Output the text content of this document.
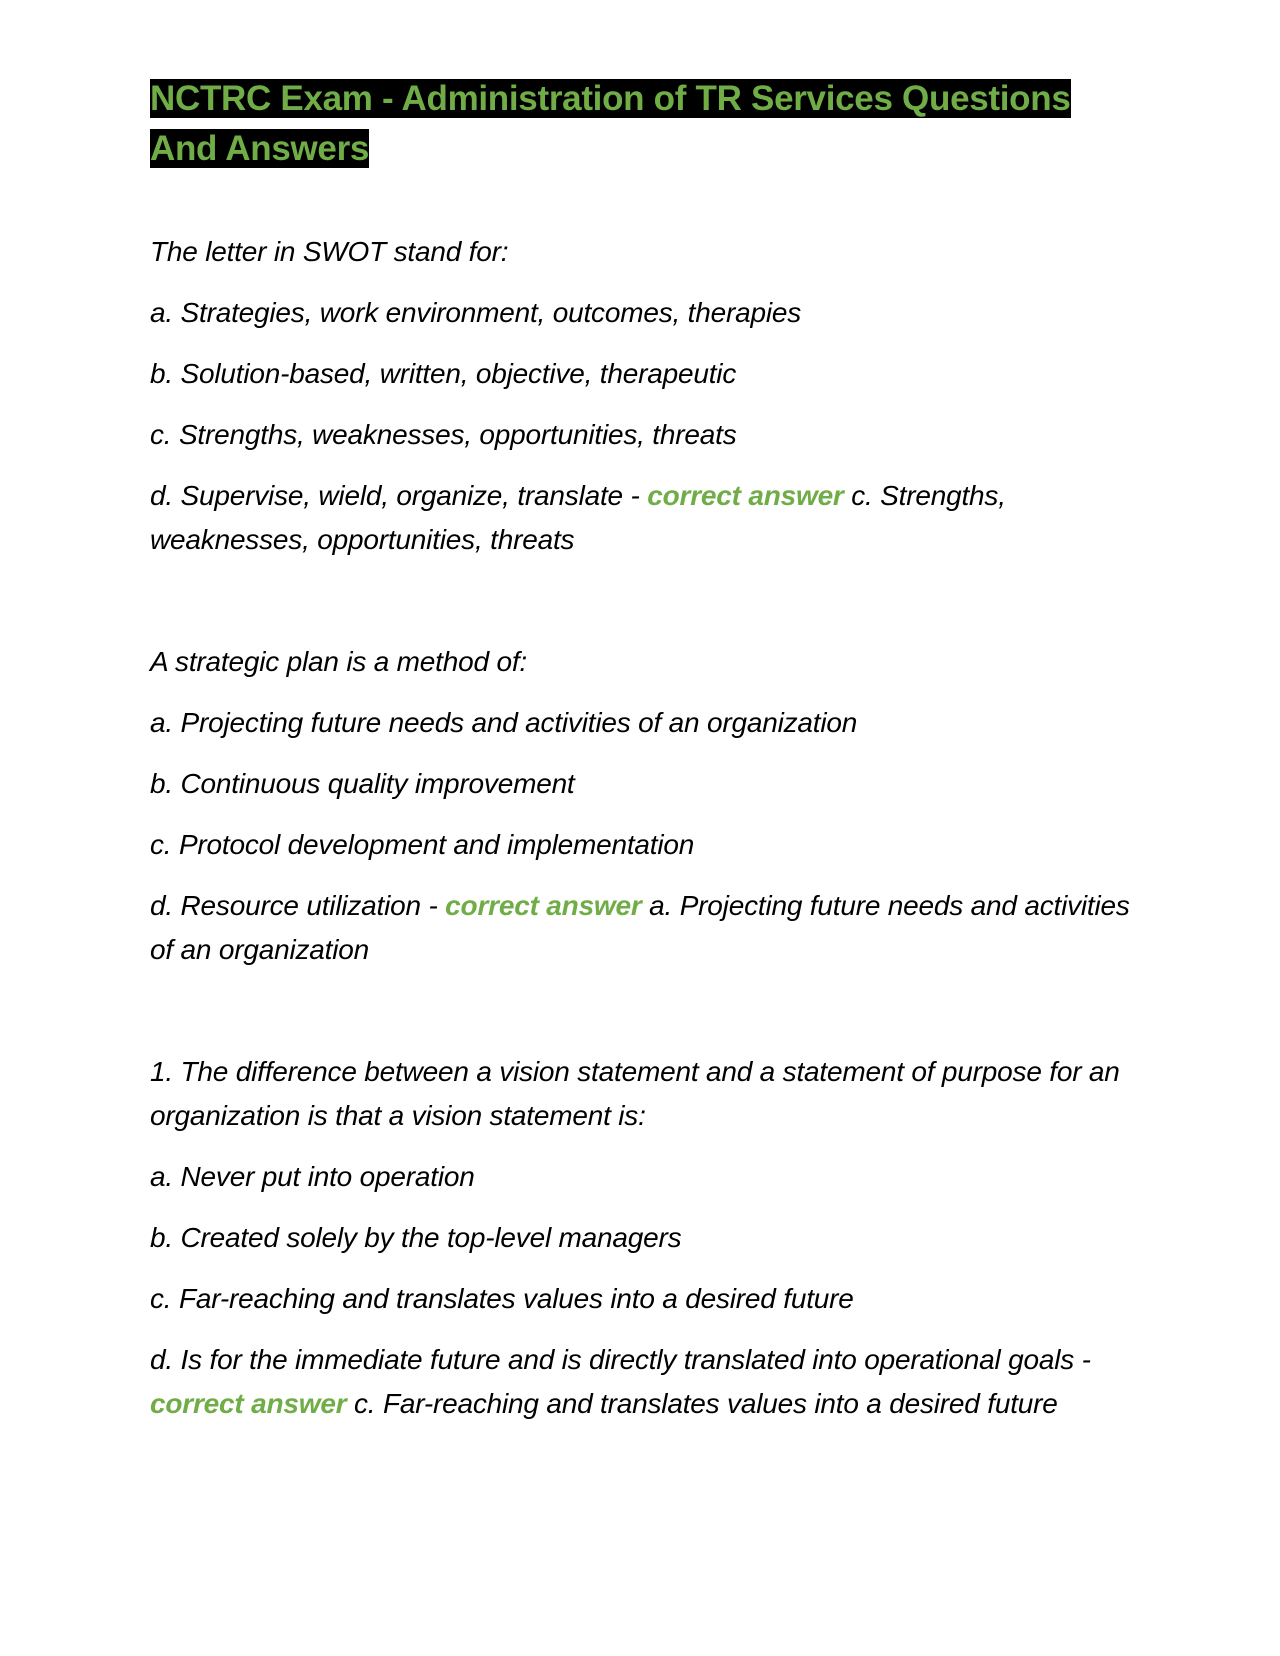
NCTRC Exam - Administration of TR Services Questions And Answers

The letter in SWOT stand for:

a. Strategies, work environment, outcomes, therapies

b. Solution-based, written, objective, therapeutic

c. Strengths, weaknesses, opportunities, threats

d. Supervise, wield, organize, translate - correct answer c. Strengths, weaknesses, opportunities, threats

A strategic plan is a method of:

a. Projecting future needs and activities of an organization

b. Continuous quality improvement

c. Protocol development and implementation

d. Resource utilization - correct answer a. Projecting future needs and activities of an organization

1. The difference between a vision statement and a statement of purpose for an organization is that a vision statement is:

a. Never put into operation

b. Created solely by the top-level managers

c. Far-reaching and translates values into a desired future

d. Is for the immediate future and is directly translated into operational goals - correct answer c. Far-reaching and translates values into a desired future
